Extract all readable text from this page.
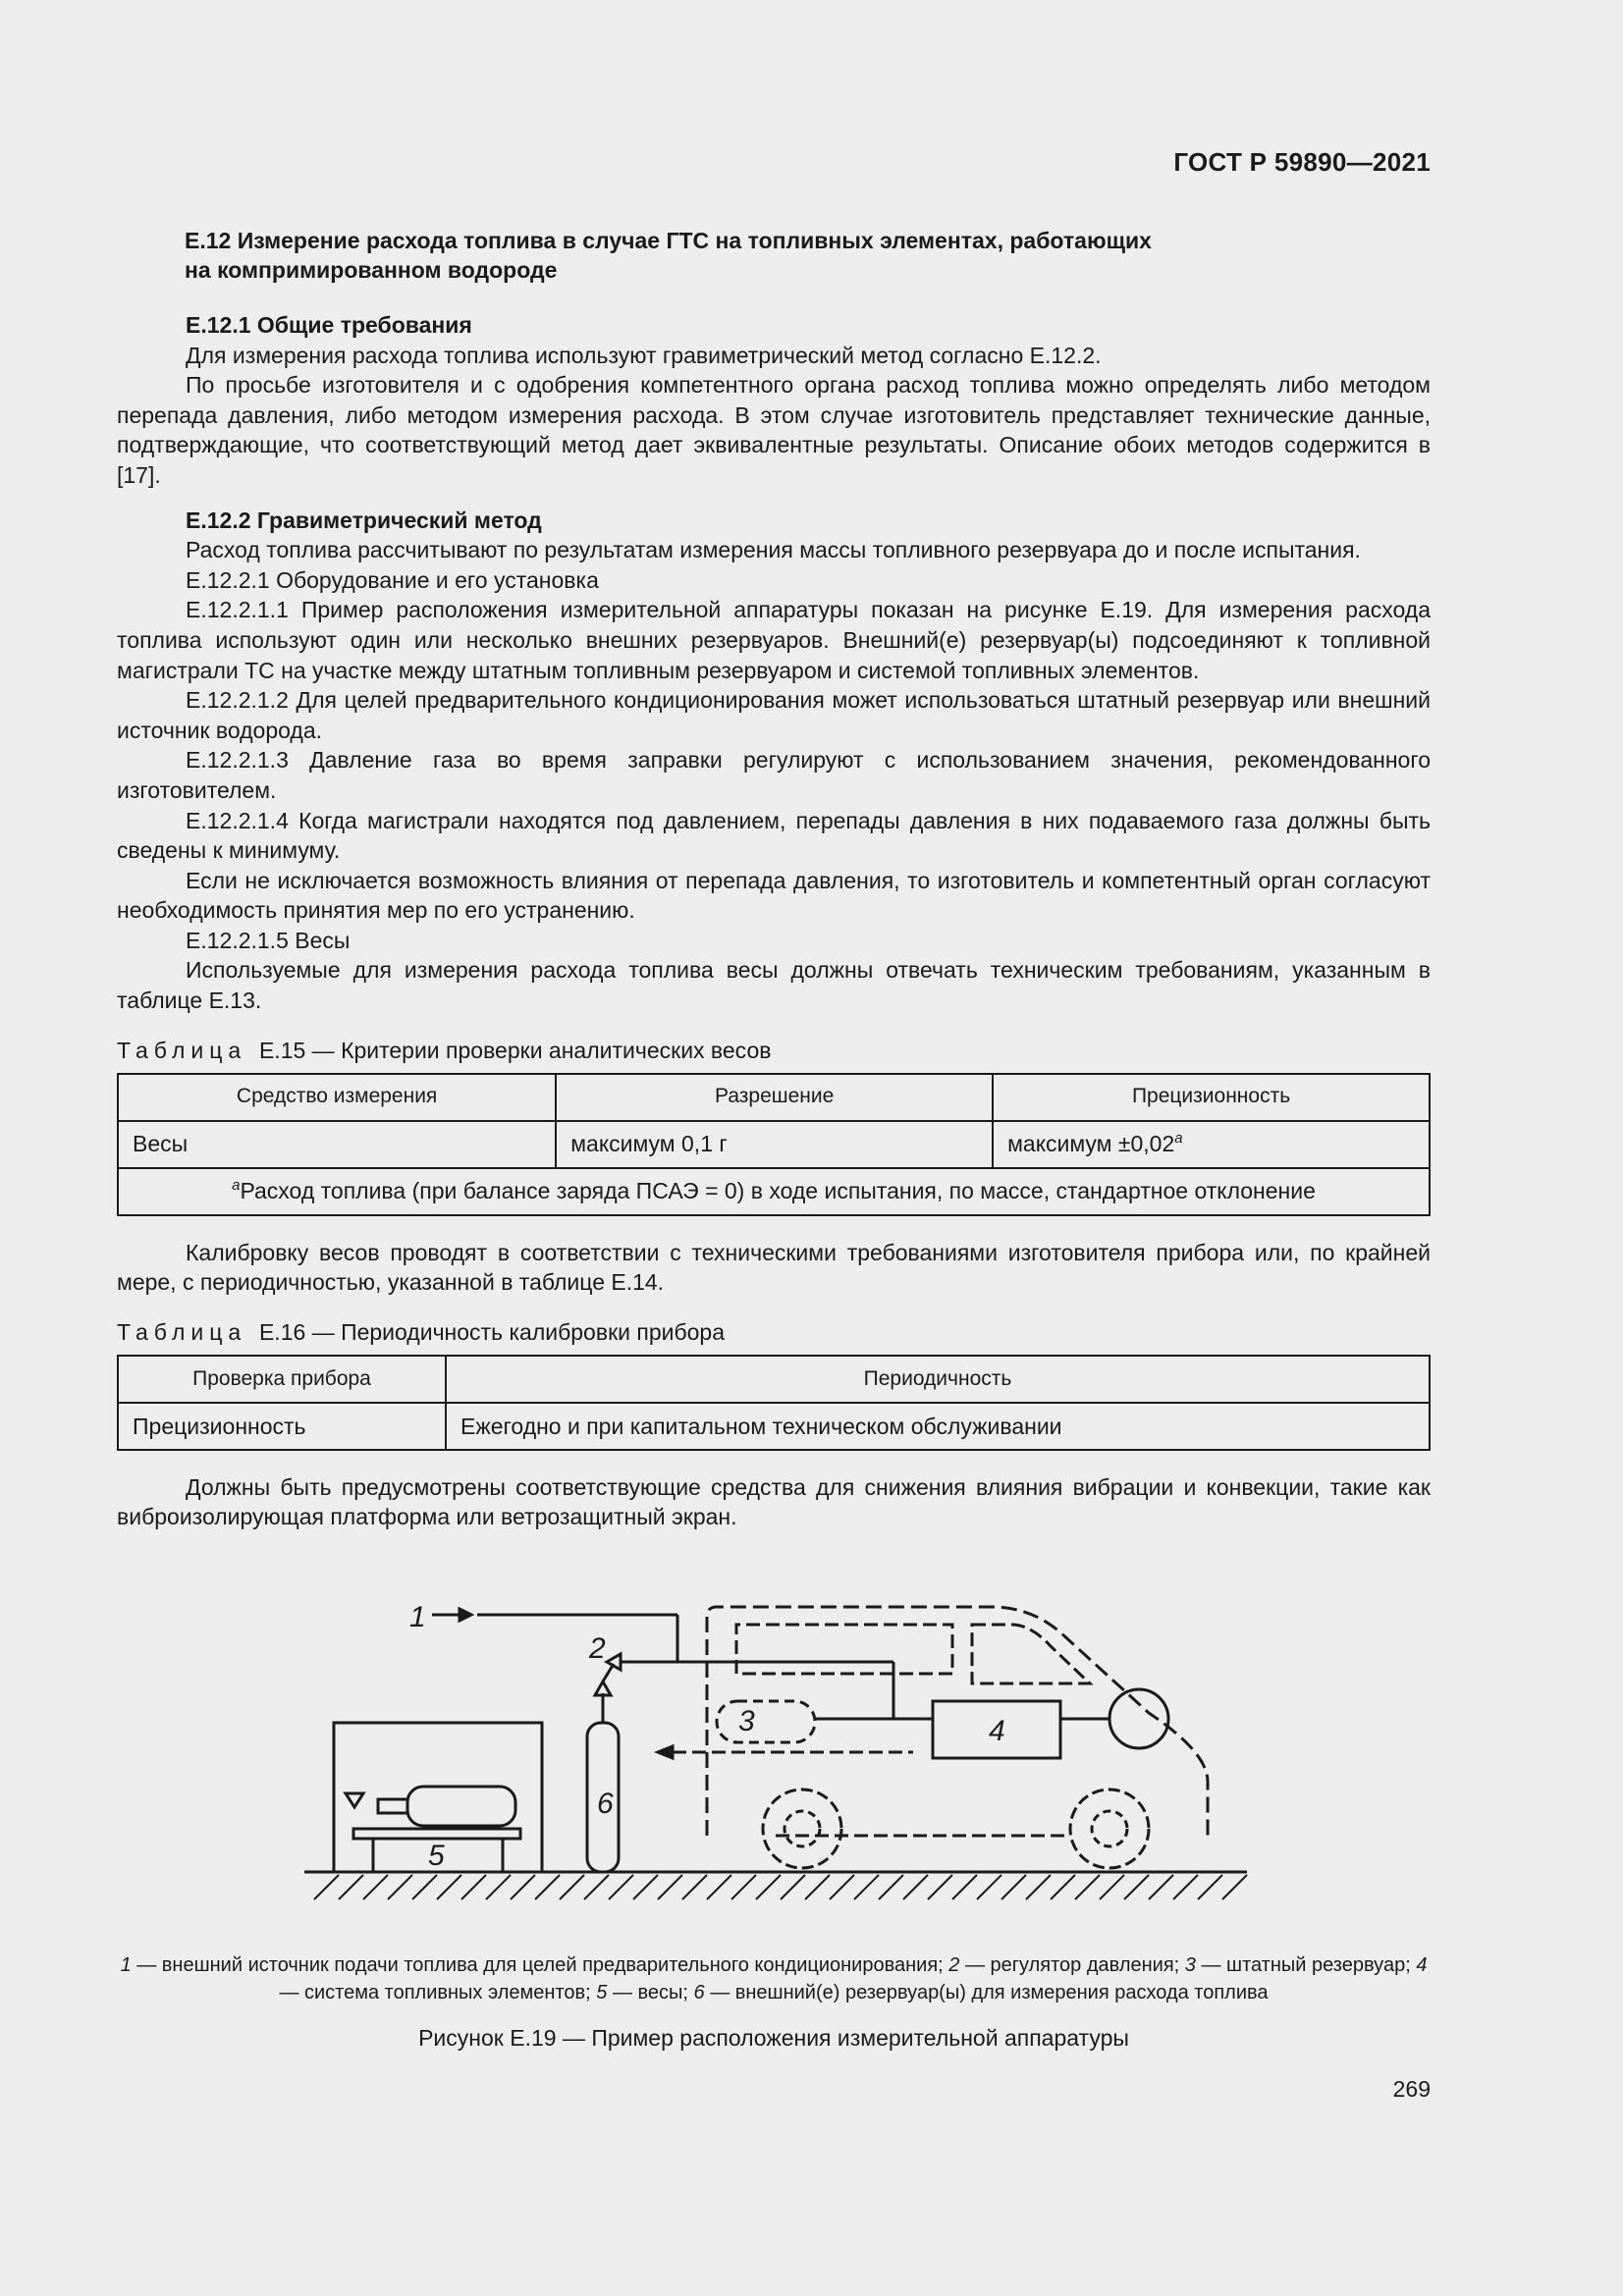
ГОСТ Р 59890—2021
Е.12 Измерение расхода топлива в случае ГТС на топливных элементах, работающих
на компримированном водороде

Е.12.1 Общие требования

Для измерения расхода топлива используют гравиметрический метод согласно Е.12.2.

По просьбе изготовителя и с одобрения компетентного органа расход топлива можно определять либо методом перепада давления, либо методом измерения расхода. В этом случае изготовитель представляет технические данные, подтверждающие, что соответствующий метод дает эквивалентные результаты. Описание обоих методов содержится в [17].

Е.12.2 Гравиметрический метод

Расход топлива рассчитывают по результатам измерения массы топливного резервуара до и после испытания.

Е.12.2.1 Оборудование и его установка

Е.12.2.1.1 Пример расположения измерительной аппаратуры показан на рисунке Е.19. Для измерения расхода топлива используют один или несколько внешних резервуаров. Внешний(е) резервуар(ы) подсоединяют к топливной магистрали ТС на участке между штатным топливным резервуаром и системой топливных элементов.

Е.12.2.1.2 Для целей предварительного кондиционирования может использоваться штатный резервуар или внешний источник водорода.

Е.12.2.1.3 Давление газа во время заправки регулируют с использованием значения, рекомендованного изготовителем.

Е.12.2.1.4 Когда магистрали находятся под давлением, перепады давления в них подаваемого газа должны быть сведены к минимуму.

Если не исключается возможность влияния от перепада давления, то изготовитель и компетентный орган согласуют необходимость принятия мер по его устранению.

Е.12.2.1.5 Весы

Используемые для измерения расхода топлива весы должны отвечать техническим требованиям, указанным в таблице Е.13.

Таблица Е.15 — Критерии проверки аналитических весов

Средство измерения	Разрешение	Прецизионность
Весы	максимум 0,1 г	максимум ±0,02$^a$
$^a$Расход топлива (при балансе заряда ПСАЭ = 0) в ходе испытания, по массе, стандартное отклонение		

Калибровку весов проводят в соответствии с техническими требованиями изготовителя прибора или, по крайней мере, с периодичностью, указанной в таблице Е.14.

Таблица Е.16 — Периодичность калибровки прибора

Проверка прибора	Периодичность
Прецизионность	Ежегодно и при капитальном техническом обслуживании

Должны быть предусмотрены соответствующие средства для снижения влияния вибрации и конвекции, такие как виброизолирующая платформа или ветрозащитный экран.

1
2
3	4
5
6
1 — внешний источник подачи топлива для целей предварительного кондиционирования; 2 — регулятор давления; 3 — штатный резервуар; 4 — система топливных элементов; 5 — весы; 6 — внешний(е) резервуар(ы) для измерения расхода топлива
Рисунок Е.19 — Пример расположения измерительной аппаратуры
269
